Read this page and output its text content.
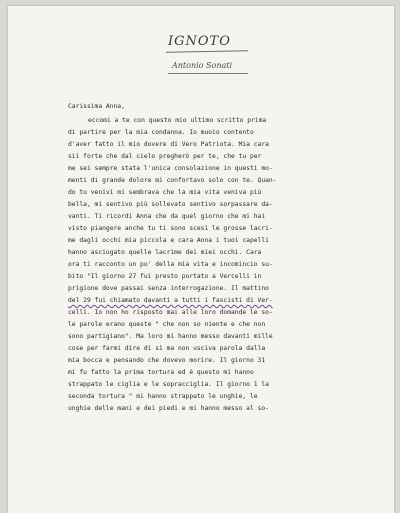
IGNOTO
Antonio Sonati
Carissima Anna,
eccomi a te con questo mio ultimo scritto prima
di partire per la mia condanna. Io muoio contento
d'aver fatto il mio dovere di Vero Patriota. Mia cara
sii forte che dal cielo pregherò per te, che tu per
me sei sempre stata l'unica consolazione in questi mo-
menti di grande dolore mi confortavo solo con te. Quan-
do tu venivi mi sembrava che la mia vita veniva più
bella, mi sentivo più sollevato sentivo sorpassare da-
vanti. Ti ricordi Anna che da quel giorno che mi hai
visto piangere anche tu ti sono scesi le grosse lacri-
me dagli occhi mia piccola e cara Anna i tuoi capelli
hanno asciugato quelle lacrime dei miei occhi. Cara
ora ti racconto un po' della mia vita e incomincio su-
bito "Il giorno 27 fui presto portato a Vercelli in
prigione dove passai senza interrogazione. Il mattino
del 29 fui chiamato davanti a tutti i fascisti di Ver-
celli. Io non ho risposto mai alle loro domande le so-
le parole erano queste " che non so niente e che non
sono partigiano". Ma loro mi hanno messo davanti mille
cose per farmi dire di sì ma non usciva parola dalla
mia bocca e pensando che dovevo morire. Il giorno 31
mi fu fatto la prima tortura ed è questo mi hanno
strappato le ciglia e le sopracciglia. Il giorno 1 la
seconda tortura " mi hanno strappato le unghie, le
unghie delle mani e dei piedi e mi hanno messo al so-
